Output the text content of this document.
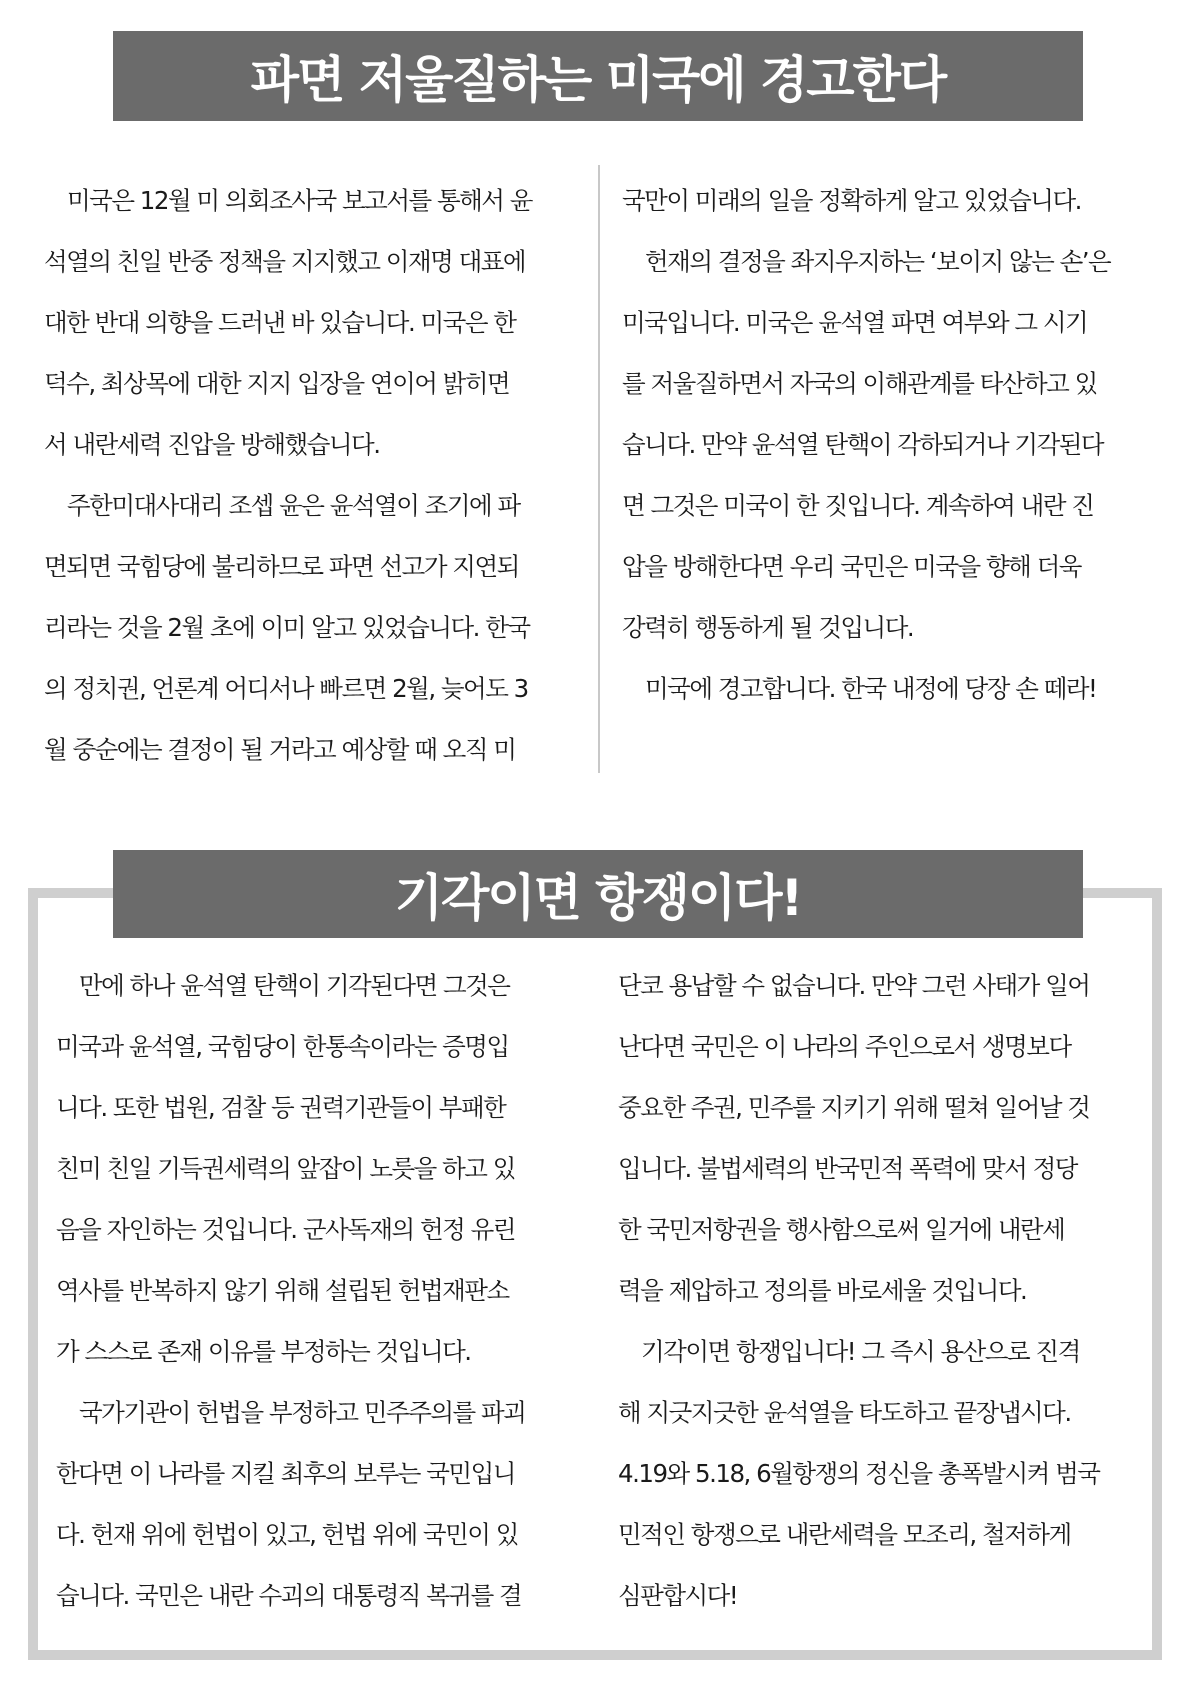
파면 저울질하는 미국에 경고한다
　미국은 12월 미 의회조사국 보고서를 통해서 윤
석열의 친일 반중 정책을 지지했고 이재명 대표에
대한 반대 의향을 드러낸 바 있습니다. 미국은 한
덕수, 최상목에 대한 지지 입장을 연이어 밝히면
서 내란세력 진압을 방해했습니다.
　주한미대사대리 조셉 윤은 윤석열이 조기에 파
면되면 국힘당에 불리하므로 파면 선고가 지연되
리라는 것을 2월 초에 이미 알고 있었습니다. 한국
의 정치권, 언론계 어디서나 빠르면 2월, 늦어도 3
월 중순에는 결정이 될 거라고 예상할 때 오직 미
국만이 미래의 일을 정확하게 알고 있었습니다.
　헌재의 결정을 좌지우지하는 ‘보이지 않는 손’은
미국입니다. 미국은 윤석열 파면 여부와 그 시기
를 저울질하면서 자국의 이해관계를 타산하고 있
습니다. 만약 윤석열 탄핵이 각하되거나 기각된다
면 그것은 미국이 한 짓입니다. 계속하여 내란 진
압을 방해한다면 우리 국민은 미국을 향해 더욱
강력히 행동하게 될 것입니다.
　미국에 경고합니다. 한국 내정에 당장 손 떼라!
기각이면 항쟁이다!
　만에 하나 윤석열 탄핵이 기각된다면 그것은
미국과 윤석열, 국힘당이 한통속이라는 증명입
니다. 또한 법원, 검찰 등 권력기관들이 부패한
친미 친일 기득권세력의 앞잡이 노릇을 하고 있
음을 자인하는 것입니다. 군사독재의 헌정 유린
역사를 반복하지 않기 위해 설립된 헌법재판소
가 스스로 존재 이유를 부정하는 것입니다.
　국가기관이 헌법을 부정하고 민주주의를 파괴
한다면 이 나라를 지킬 최후의 보루는 국민입니
다. 헌재 위에 헌법이 있고, 헌법 위에 국민이 있
습니다. 국민은 내란 수괴의 대통령직 복귀를 결
단코 용납할 수 없습니다. 만약 그런 사태가 일어
난다면 국민은 이 나라의 주인으로서 생명보다
중요한 주권, 민주를 지키기 위해 떨쳐 일어날 것
입니다. 불법세력의 반국민적 폭력에 맞서 정당
한 국민저항권을 행사함으로써 일거에 내란세
력을 제압하고 정의를 바로세울 것입니다.
　기각이면 항쟁입니다! 그 즉시 용산으로 진격
해 지긋지긋한 윤석열을 타도하고 끝장냅시다.
4.19와 5.18, 6월항쟁의 정신을 총폭발시켜 범국
민적인 항쟁으로 내란세력을 모조리, 철저하게
심판합시다!
